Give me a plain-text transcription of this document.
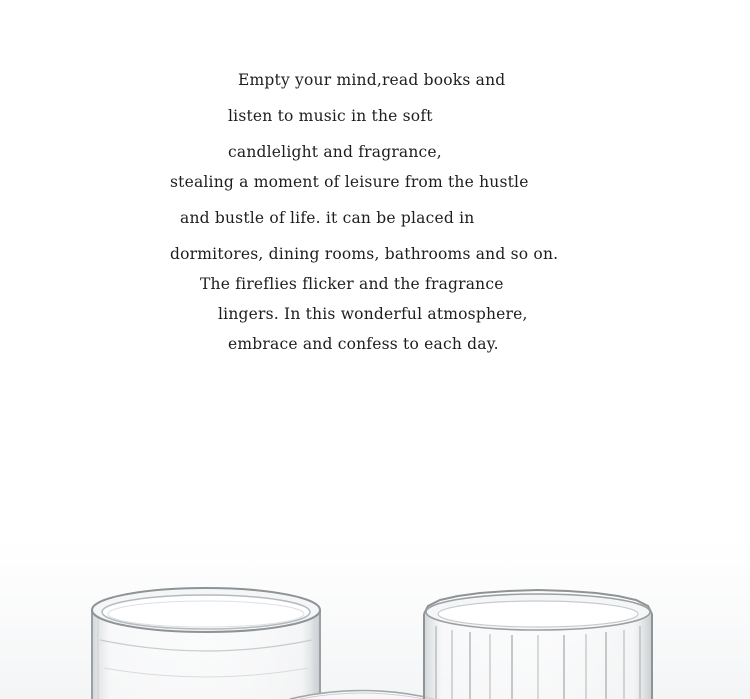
Empty your mind,read books and
listen to music in the soft
candlelight and fragrance,
stealing a moment of leisure from the hustle
and bustle of life. it can be placed in
dormitores, dining rooms, bathrooms and so on.
The fireflies flicker and the fragrance
lingers. In this wonderful atmosphere,
embrace and confess to each day.
